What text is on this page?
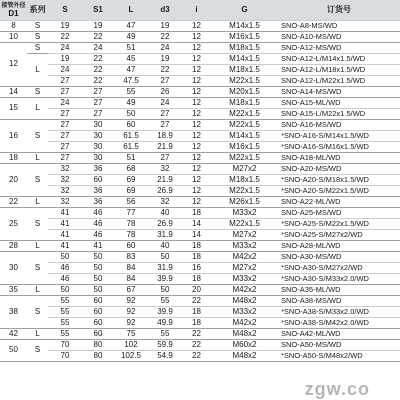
接管外径
D1	系列	S	S1	L	d3	i	G	订货号
8	S	19	19	47	19	12	M14x1.5	SNO-A8-MS/WD
10	S	22	22	49	22	12	M16x1.5	SNO-A10-MS/WD
12	S	24	24	51	24	12	M18x1.5	SNO-A12-MS/WD
	L	19	22	45	19	12	M14x1.5	SNO-A12-L/M14x1.5/WD
		24	22	47	22	12	M18x1.5	SNO-A12-L/M18x1.5/WD
		27	22	47.5	27	12	M22x1.5	SNO-A12-L/M22x1.5/WD
14	S	27	27	55	26	12	M20x1.5	SNO-A14-MS/WD
15	L	24	27	49	24	12	M18x1.5	SNO-A15-ML/WD
		27	27	50	27	12	M22x1.5	SNO-A15-L/M22x1.5/WD
16	S	27	30	60	27	12	M22x1.5	SNO-A16-MS/WD
		27	30	61.5	18.9	12	M14x1.5	*SNO-A16-S/M14x1.5/WD
		27	30	61.5	21.9	12	M16x1.5	*SNO-A16-S/M16x1.5/WD
18	L	27	30	51	27	12	M22x1.5	SNO-A18-ML/WD
20	S	32	36	68	32	12	M27x2	SNO-A20-MS/WD
		32	60	69	21.9	12	M18x1.5	*SNO-A20-S/M18x1.5/WD
		32	36	69	26.9	12	M22x1.5	*SNO-A20-S/M22x1.5/WD
22	L	32	36	56	32	12	M26x1.5	SNO-A22-ML/WD
25	S	41	46	77	40	18	M33x2	SNO-A25-MS/WD
		41	46	78	26.9	14	M22x1.5	*SNO-A25-S/M22x1.5/WD
		41	46	78	31.9	14	M27x2	*SNO-A25-S/M27x2/WD
28	L	41	41	60	40	18	M33x2	SNO-A28-ML/WD
30	S	50	50	83	50	18	M42x2	SNO-A30-MS/WD
		46	50	84	31.9	16	M27x2	*SNO-A30-S/M27x2/WD
		46	50	84	39.9	18	M33x2	*SNO-A30-S/M33x2.0/WD
35	L	50	50	67	50	20	M42x2	SNO-A35-ML/WD
38	S	55	60	92	55	22	M48x2	SNO-A38-MS/WD
		55	60	92	39.9	18	M33x2	*SNO-A38-S/M33x2.0/WD
		55	60	92	49.9	18	M42x2	*SNO-A38-S/M42x2.0/WD
42	L	55	60	75	55	22	M48x2	SNO-A42-ML/WD
50	S	70	80	102	59.9	22	M60x2	SNO-A50-MS/WD
		70	80	102.5	54.9	22	M48x2	*SNO-A50-S/M48x2/WD
zgw.co
